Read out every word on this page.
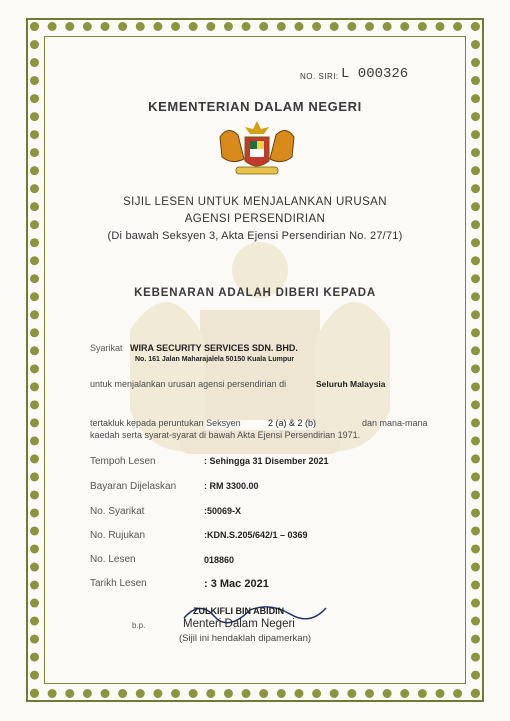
NO. SIRI: L 000326
KEMENTERIAN DALAM NEGERI
SIJIL LESEN UNTUK MENJALANKAN URUSAN
AGENSI PERSENDIRIAN
(Di bawah Seksyen 3, Akta Ejensi Persendirian No. 27/71)
KEBENARAN ADALAH DIBERI KEPADA
Syarikat WIRA SECURITY SERVICES SDN. BHD.
No. 161 Jalan Maharajalela 50150 Kuala Lumpur
untuk menjalankan urusan agensi persendirian di	Seluruh Malaysia
tertakluk kepada peruntukan Seksyen	2 (a) & 2 (b)	dan mana-mana
kaedah serta syarat-syarat di bawah Akta Ejensi Persendirian 1971.
Tempoh Lesen	: Sehingga 31 Disember 2021
Bayaran Dijelaskan	: RM 3300.00
No. Syarikat	:50069-X
No. Rujukan	:KDN.S.205/642/1 – 0369
No. Lesen	018860
Tarikh Lesen	: 3 Mac 2021
ZULKIFLI BIN ABIDIN
b.p.	Menteri Dalam Negeri
(Sijil ini hendaklah dipamerkan)
